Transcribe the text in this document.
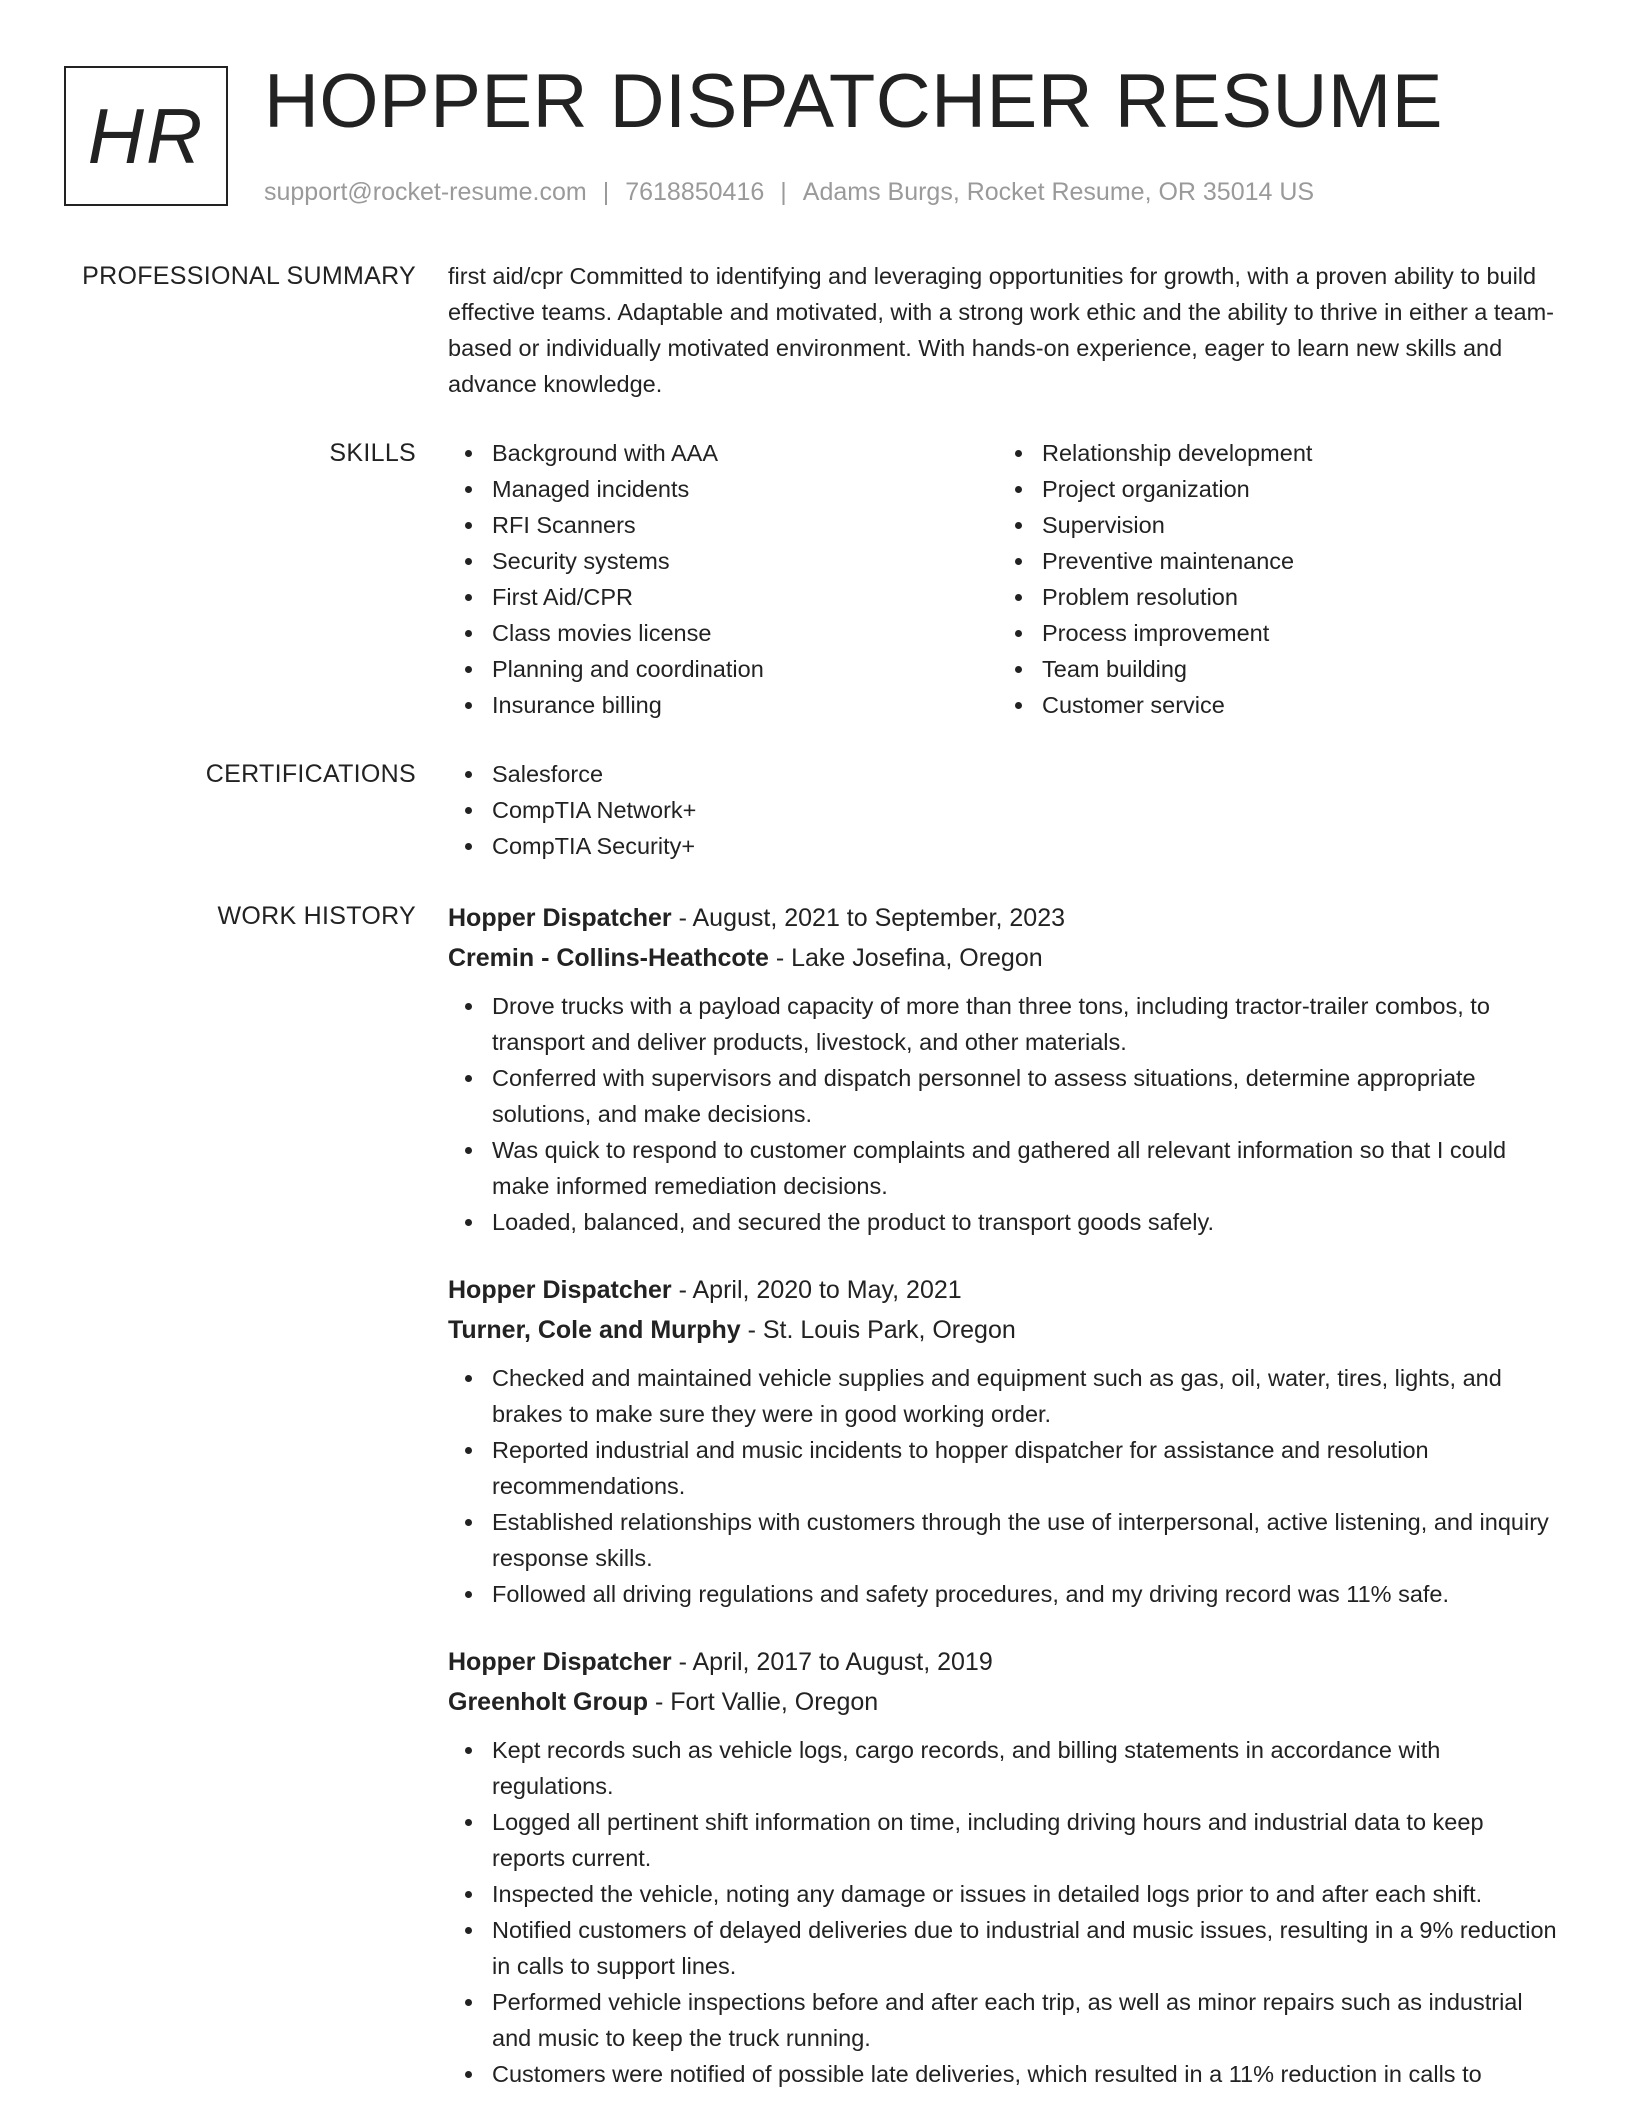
HR HOPPER DISPATCHER RESUME
support@rocket-resume.com | 7618850416 | Adams Burgs, Rocket Resume, OR 35014 US
PROFESSIONAL SUMMARY first aid/cpr Committed to identifying and leveraging opportunities for growth, with a proven ability to build effective teams. Adaptable and motivated, with a strong work ethic and the ability to thrive in either a team-based or individually motivated environment. With hands-on experience, eager to learn new skills and advance knowledge.

SKILLS	Background with AAA
Managed incidents
RFI Scanners
Security systems
First Aid/CPR
Class movies license
Planning and coordination
Insurance billing
Relationship development
Project organization
Supervision
Preventive maintenance
Problem resolution
Process improvement
Team building
Customer service
CERTIFICATIONS	Salesforce
CompTIA Network+
CompTIA Security+
WORK HISTORY Hopper Dispatcher - August, 2021 to September, 2023
Cremin - Collins-Heathcote - Lake Josefina, Oregon
Drove trucks with a payload capacity of more than three tons, including tractor-trailer combos, to transport and deliver products, livestock, and other materials.
Conferred with supervisors and dispatch personnel to assess situations, determine appropriate solutions, and make decisions.
Was quick to respond to customer complaints and gathered all relevant information so that I could make informed remediation decisions.
Loaded, balanced, and secured the product to transport goods safely.
Hopper Dispatcher - April, 2020 to May, 2021
Turner, Cole and Murphy - St. Louis Park, Oregon
Checked and maintained vehicle supplies and equipment such as gas, oil, water, tires, lights, and brakes to make sure they were in good working order.
Reported industrial and music incidents to hopper dispatcher for assistance and resolution recommendations.
Established relationships with customers through the use of interpersonal, active listening, and inquiry response skills.
Followed all driving regulations and safety procedures, and my driving record was 11% safe.
Hopper Dispatcher - April, 2017 to August, 2019
Greenholt Group - Fort Vallie, Oregon
Kept records such as vehicle logs, cargo records, and billing statements in accordance with regulations.
Logged all pertinent shift information on time, including driving hours and industrial data to keep reports current.
Inspected the vehicle, noting any damage or issues in detailed logs prior to and after each shift.
Notified customers of delayed deliveries due to industrial and music issues, resulting in a 9% reduction in calls to support lines.
Performed vehicle inspections before and after each trip, as well as minor repairs such as industrial and music to keep the truck running.
Customers were notified of possible late deliveries, which resulted in a 11% reduction in calls to
